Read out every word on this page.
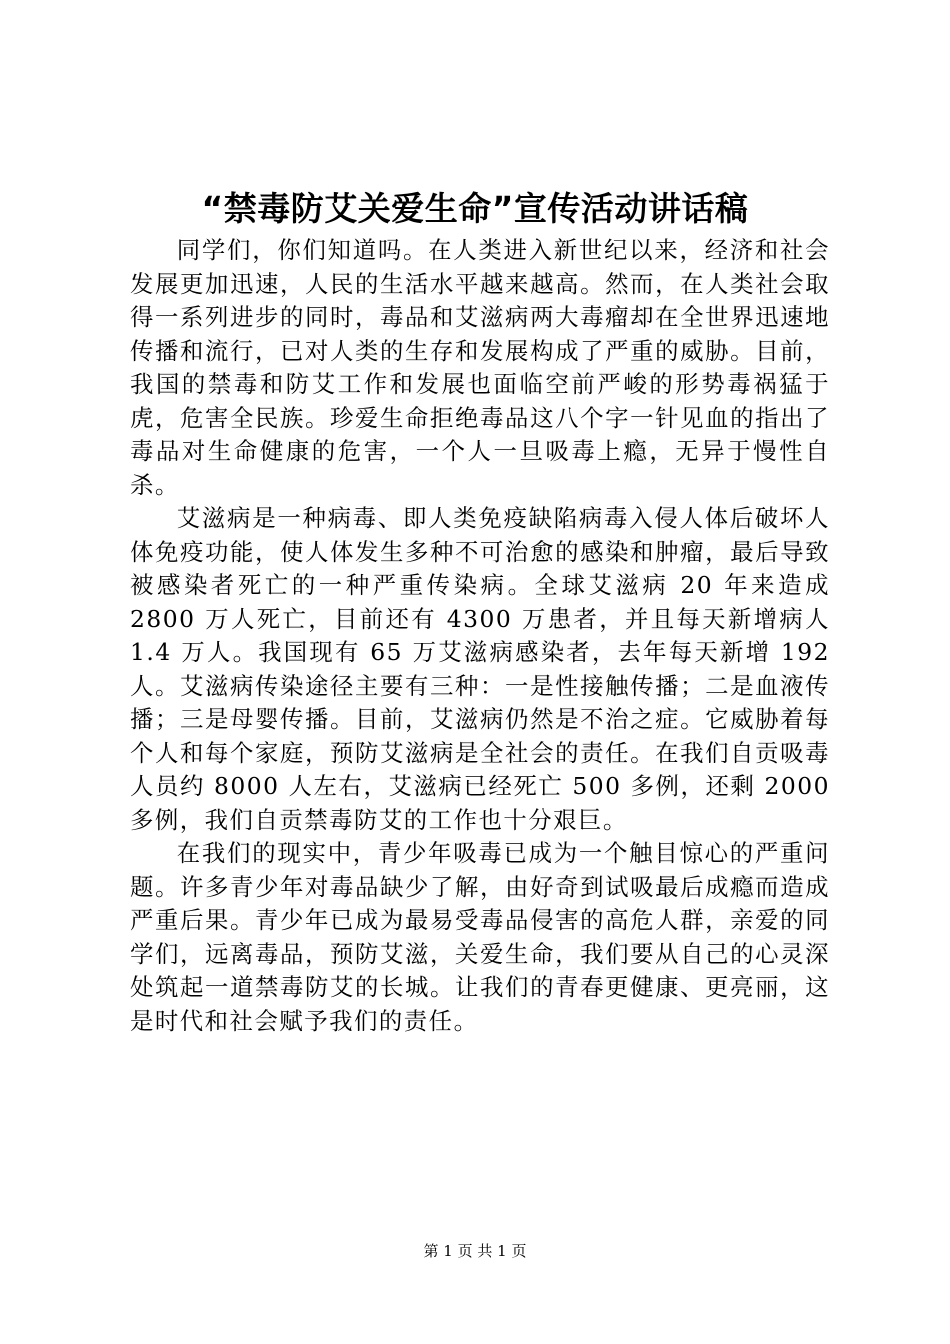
“禁毒防艾关爱生命”宣传活动讲话稿

同学们，你们知道吗。在人类进入新世纪以来，经济和社会发展更加迅速，人民的生活水平越来越高。然而，在人类社会取得一系列进步的同时，毒品和艾滋病两大毒瘤却在全世界迅速地传播和流行，已对人类的生存和发展构成了严重的威胁。目前，我国的禁毒和防艾工作和发展也面临空前严峻的形势毒祸猛于虎，危害全民族。珍爱生命拒绝毒品这八个字一针见血的指出了毒品对生命健康的危害，一个人一旦吸毒上瘾，无异于慢性自杀。

艾滋病是一种病毒、即人类免疫缺陷病毒入侵人体后破坏人体免疫功能，使人体发生多种不可治愈的感染和肿瘤，最后导致被感染者死亡的一种严重传染病。全球艾滋病 20 年来造成 2800 万人死亡，目前还有 4300 万患者，并且每天新增病人 1.4 万人。我国现有 65 万艾滋病感染者，去年每天新增 192 人。艾滋病传染途径主要有三种：一是性接触传播；二是血液传播；三是母婴传播。目前，艾滋病仍然是不治之症。它威胁着每个人和每个家庭，预防艾滋病是全社会的责任。在我们自贡吸毒人员约 8000 人左右，艾滋病已经死亡 500 多例，还剩 2000 多例，我们自贡禁毒防艾的工作也十分艰巨。

在我们的现实中，青少年吸毒已成为一个触目惊心的严重问题。许多青少年对毒品缺少了解，由好奇到试吸最后成瘾而造成严重后果。青少年已成为最易受毒品侵害的高危人群，亲爱的同学们，远离毒品，预防艾滋，关爱生命，我们要从自己的心灵深处筑起一道禁毒防艾的长城。让我们的青春更健康、更亮丽，这是时代和社会赋予我们的责任。

第 1 页 共 1 页
